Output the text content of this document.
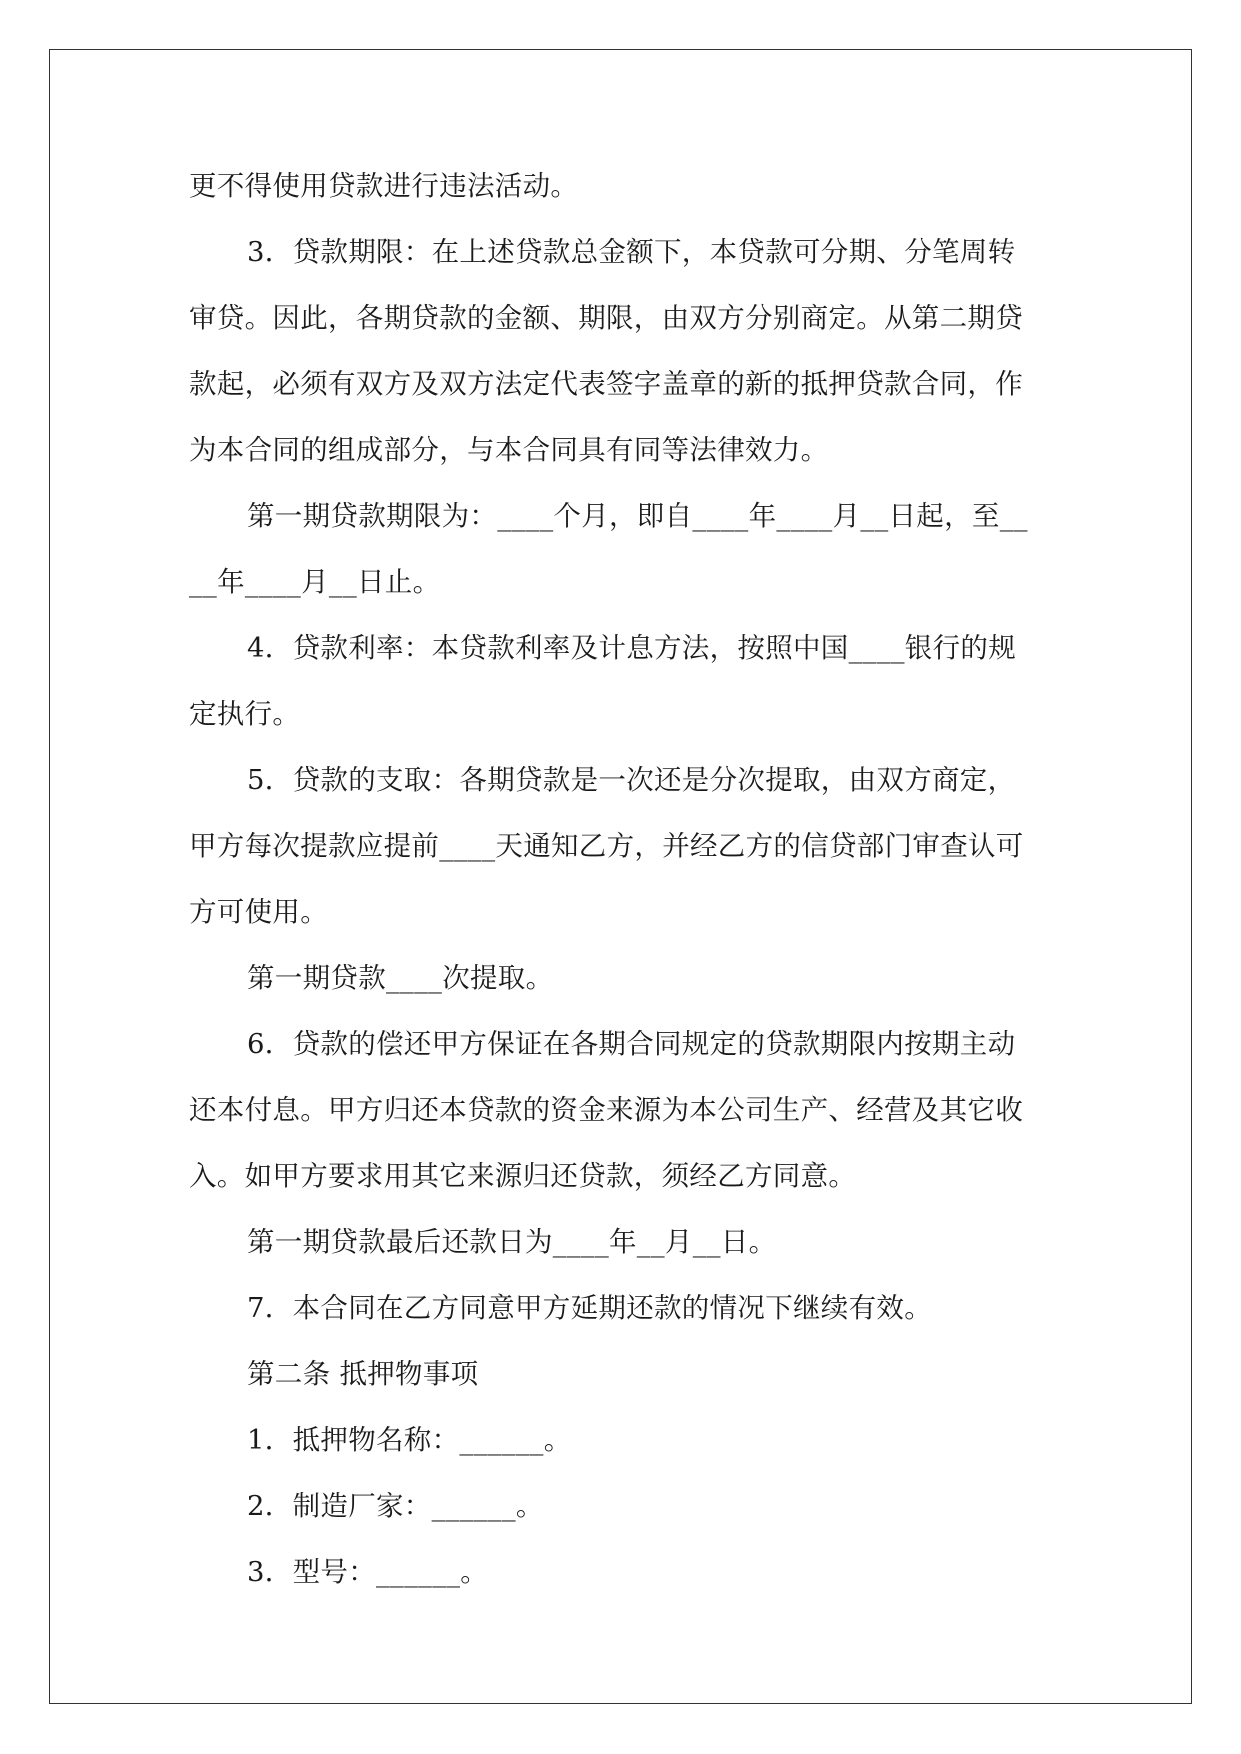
更不得使用贷款进行违法活动。
3．贷款期限：在上述贷款总金额下，本贷款可分期、分笔周转
审贷。因此，各期贷款的金额、期限，由双方分别商定。从第二期贷
款起，必须有双方及双方法定代表签字盖章的新的抵押贷款合同，作
为本合同的组成部分，与本合同具有同等法律效力。
第一期贷款期限为：____个月，即自____年____月__日起，至__
__年____月__日止。
4．贷款利率：本贷款利率及计息方法，按照中国____银行的规
定执行。
5．贷款的支取：各期贷款是一次还是分次提取，由双方商定，
甲方每次提款应提前____天通知乙方，并经乙方的信贷部门审查认可
方可使用。
第一期贷款____次提取。
6．贷款的偿还甲方保证在各期合同规定的贷款期限内按期主动
还本付息。甲方归还本贷款的资金来源为本公司生产、经营及其它收
入。如甲方要求用其它来源归还贷款，须经乙方同意。
第一期贷款最后还款日为____年__月__日。
7．本合同在乙方同意甲方延期还款的情况下继续有效。
第二条 抵押物事项
1．抵押物名称：______。
2．制造厂家：______。
3．型号：______。
